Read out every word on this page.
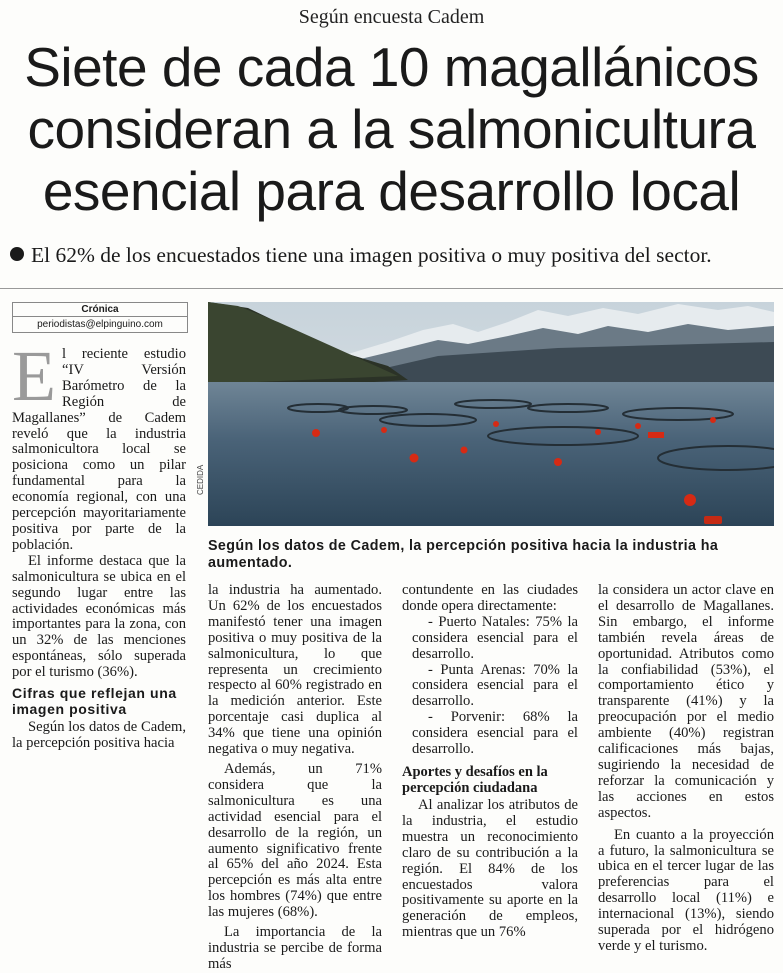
Según encuesta Cadem
Siete de cada 10 magallánicos
consideran a la salmonicultura
esencial para desarrollo local
El 62% de los encuestados tiene una imagen positiva o muy positiva del sector.
Crónica
periodistas@elpinguino.com

El reciente estudio “IV Versión Barómetro de la Región de Magallanes” de Cadem reveló que la industria salmonicultora local se posiciona como un pilar fundamental para la economía regional, con una percepción mayoritariamente positiva por parte de la población.

El informe destaca que la salmonicultura se ubica en el segundo lugar entre las actividades económicas más importantes para la zona, con un 32% de las menciones espontáneas, sólo superada por el turismo (36%).

Cifras que reflejan una imagen positiva

Según los datos de Cadem, la percepción positiva hacia

CEDIDA
Según los datos de Cadem, la percepción positiva hacia la industria ha aumentado.

la industria ha aumentado. Un 62% de los encuestados manifestó tener una imagen positiva o muy positiva de la salmonicultura, lo que representa un crecimiento respecto al 60% registrado en la medición anterior. Este porcentaje casi duplica al 34% que tiene una opinión negativa o muy negativa.

Además, un 71% considera que la salmonicultura es una actividad esencial para el desarrollo de la región, un aumento significativo frente al 65% del año 2024. Esta percepción es más alta entre los hombres (74%) que entre las mujeres (68%).

La importancia de la industria se percibe de forma más

contundente en las ciudades donde opera directamente:

- Puerto Natales: 75% la considera esencial para el desarrollo.

- Punta Arenas: 70% la considera esencial para el desarrollo.

- Porvenir: 68% la considera esencial para el desarrollo.

Aportes y desafíos en la percepción ciudadana

Al analizar los atributos de la industria, el estudio muestra un reconocimiento claro de su contribución a la región. El 84% de los encuestados valora positivamente su aporte en la generación de empleos, mientras que un 76%

la considera un actor clave en el desarrollo de Magallanes. Sin embargo, el informe también revela áreas de oportunidad. Atributos como la confiabilidad (53%), el comportamiento ético y transparente (41%) y la preocupación por el medio ambiente (40%) registran calificaciones más bajas, sugiriendo la necesidad de reforzar la comunicación y las acciones en estos aspectos.

En cuanto a la proyección a futuro, la salmonicultura se ubica en el tercer lugar de las preferencias para el desarrollo local (11%) e internacional (13%), siendo superada por el hidrógeno verde y el turismo.
